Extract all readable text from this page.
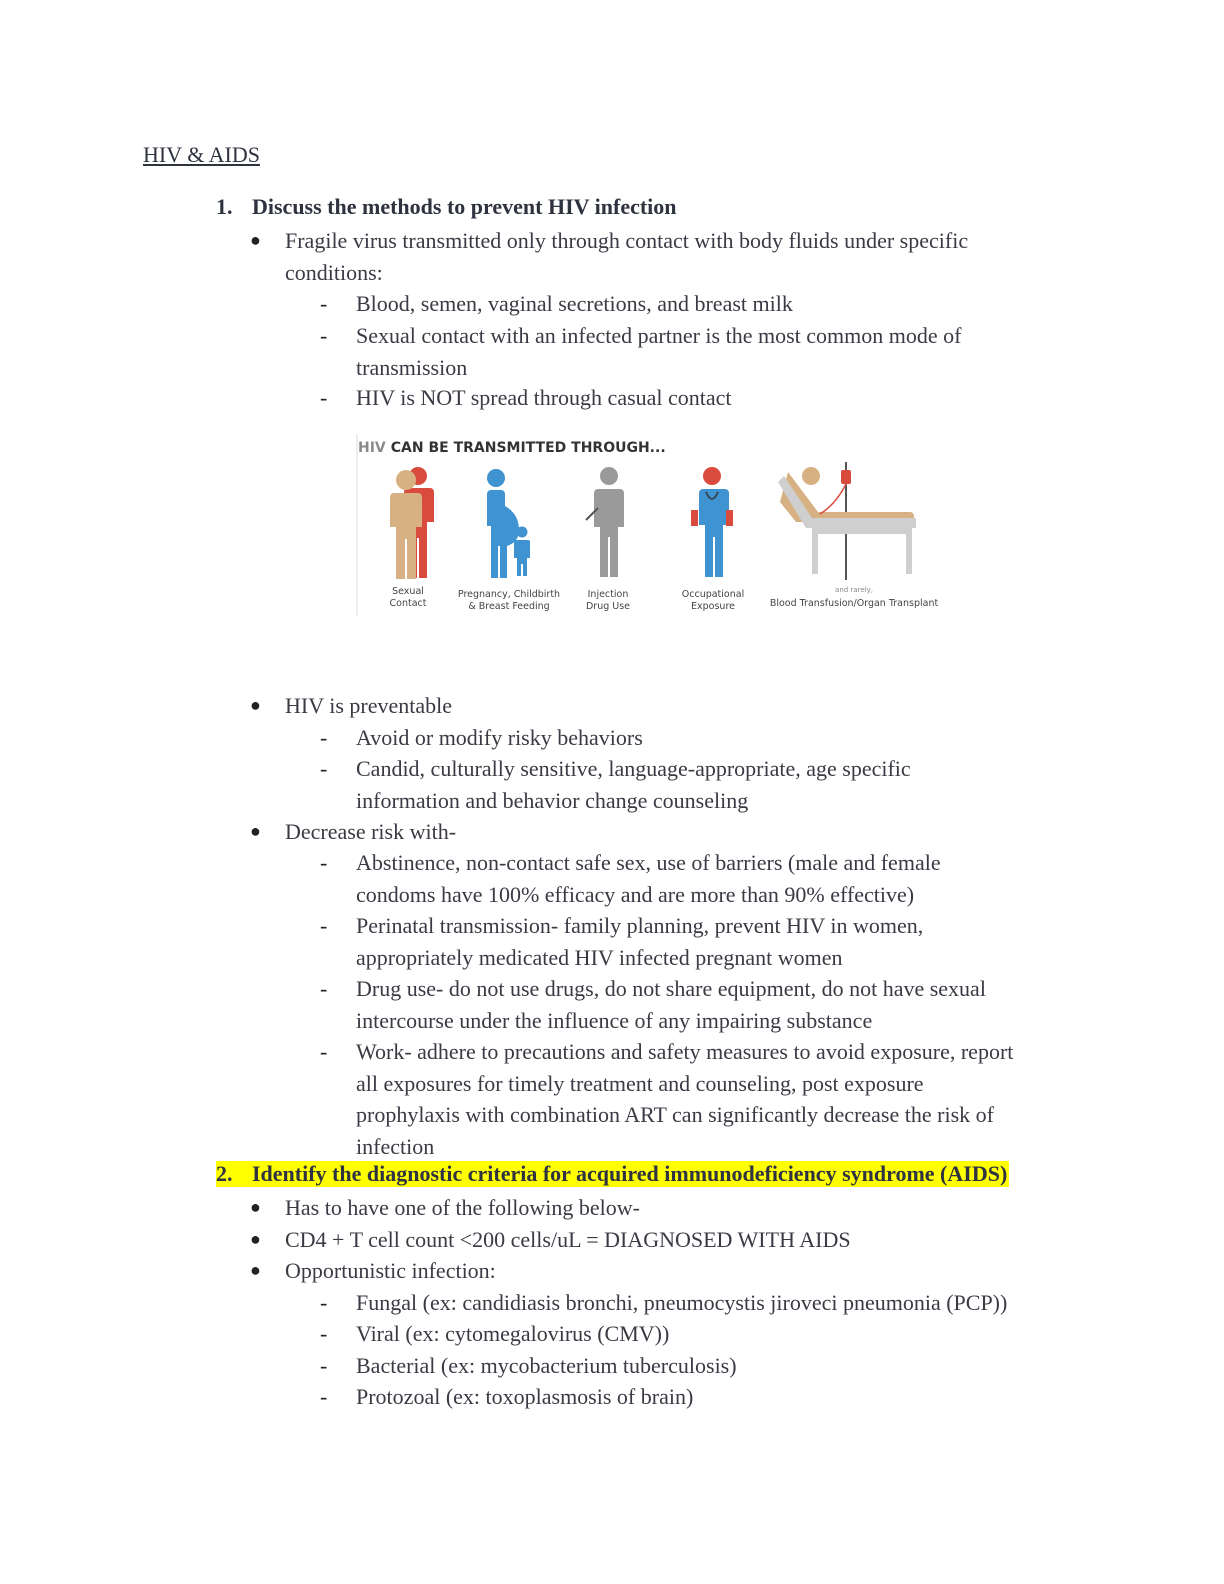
HIV & AIDS
1. Discuss the methods to prevent HIV infection
● Fragile virus transmitted only through contact with body fluids under specific
conditions:
- Blood, semen, vaginal secretions, and breast milk
- Sexual contact with an infected partner is the most common mode of
transmission
- HIV is NOT spread through casual contact
HIV CAN BE TRANSMITTED THROUGH...
Sexual
Contact
Pregnancy, Childbirth
& Breast Feeding
Injection
Drug Use
Occupational
Exposure
and rarely,
Blood Transfusion/Organ Transplant
● HIV is preventable
- Avoid or modify risky behaviors
- Candid, culturally sensitive, language-appropriate, age specific
information and behavior change counseling
● Decrease risk with-
- Abstinence, non-contact safe sex, use of barriers (male and female
condoms have 100% efficacy and are more than 90% effective)
- Perinatal transmission- family planning, prevent HIV in women,
appropriately medicated HIV infected pregnant women
- Drug use- do not use drugs, do not share equipment, do not have sexual
intercourse under the influence of any impairing substance
- Work- adhere to precautions and safety measures to avoid exposure, report
all exposures for timely treatment and counseling, post exposure
prophylaxis with combination ART can significantly decrease the risk of
infection
2. Identify the diagnostic criteria for acquired immunodeficiency syndrome (AIDS)
● Has to have one of the following below-
● CD4 + T cell count <200 cells/uL = DIAGNOSED WITH AIDS
● Opportunistic infection:
- Fungal (ex: candidiasis bronchi, pneumocystis jiroveci pneumonia (PCP))
- Viral (ex: cytomegalovirus (CMV))
- Bacterial (ex: mycobacterium tuberculosis)
- Protozoal (ex: toxoplasmosis of brain)
